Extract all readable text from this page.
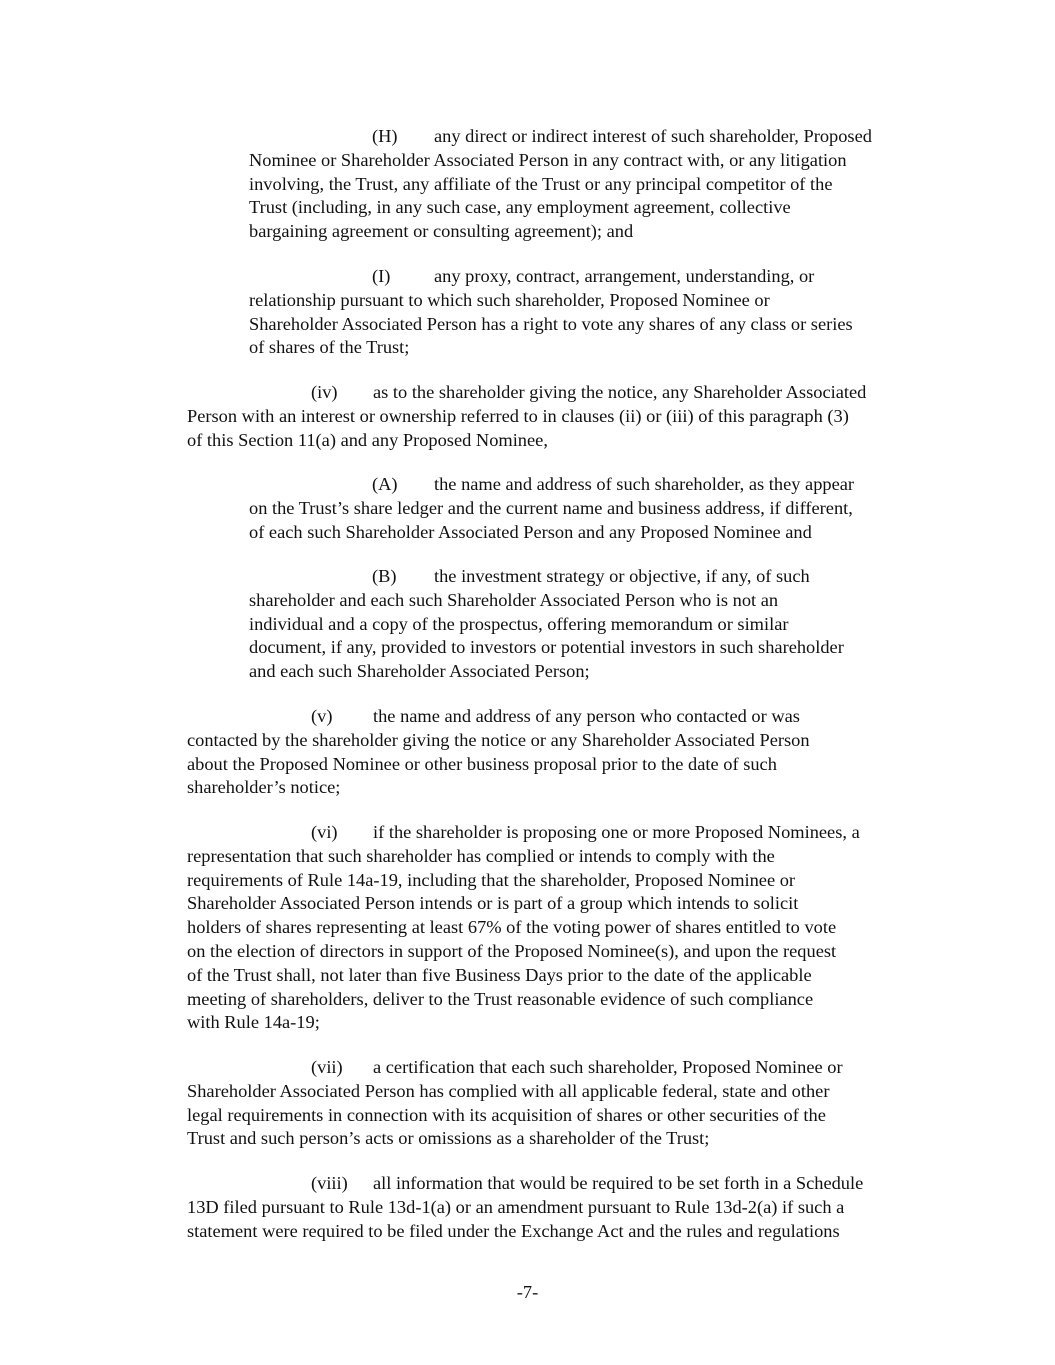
(H) any direct or indirect interest of such shareholder, Proposed
Nominee or Shareholder Associated Person in any contract with, or any litigation
involving, the Trust, any affiliate of the Trust or any principal competitor of the
Trust (including, in any such case, any employment agreement, collective
bargaining agreement or consulting agreement); and
(I) any proxy, contract, arrangement, understanding, or
relationship pursuant to which such shareholder, Proposed Nominee or
Shareholder Associated Person has a right to vote any shares of any class or series
of shares of the Trust;
(iv) as to the shareholder giving the notice, any Shareholder Associated
Person with an interest or ownership referred to in clauses (ii) or (iii) of this paragraph (3)
of this Section 11(a) and any Proposed Nominee,
(A) the name and address of such shareholder, as they appear
on the Trust’s share ledger and the current name and business address, if different,
of each such Shareholder Associated Person and any Proposed Nominee and
(B) the investment strategy or objective, if any, of such
shareholder and each such Shareholder Associated Person who is not an
individual and a copy of the prospectus, offering memorandum or similar
document, if any, provided to investors or potential investors in such shareholder
and each such Shareholder Associated Person;
(v) the name and address of any person who contacted or was
contacted by the shareholder giving the notice or any Shareholder Associated Person
about the Proposed Nominee or other business proposal prior to the date of such
shareholder’s notice;
(vi) if the shareholder is proposing one or more Proposed Nominees, a
representation that such shareholder has complied or intends to comply with the
requirements of Rule 14a-19, including that the shareholder, Proposed Nominee or
Shareholder Associated Person intends or is part of a group which intends to solicit
holders of shares representing at least 67% of the voting power of shares entitled to vote
on the election of directors in support of the Proposed Nominee(s), and upon the request
of the Trust shall, not later than five Business Days prior to the date of the applicable
meeting of shareholders, deliver to the Trust reasonable evidence of such compliance
with Rule 14a-19;
(vii) a certification that each such shareholder, Proposed Nominee or
Shareholder Associated Person has complied with all applicable federal, state and other
legal requirements in connection with its acquisition of shares or other securities of the
Trust and such person’s acts or omissions as a shareholder of the Trust;
(viii) all information that would be required to be set forth in a Schedule
13D filed pursuant to Rule 13d-1(a) or an amendment pursuant to Rule 13d-2(a) if such a
statement were required to be filed under the Exchange Act and the rules and regulations
-7-
